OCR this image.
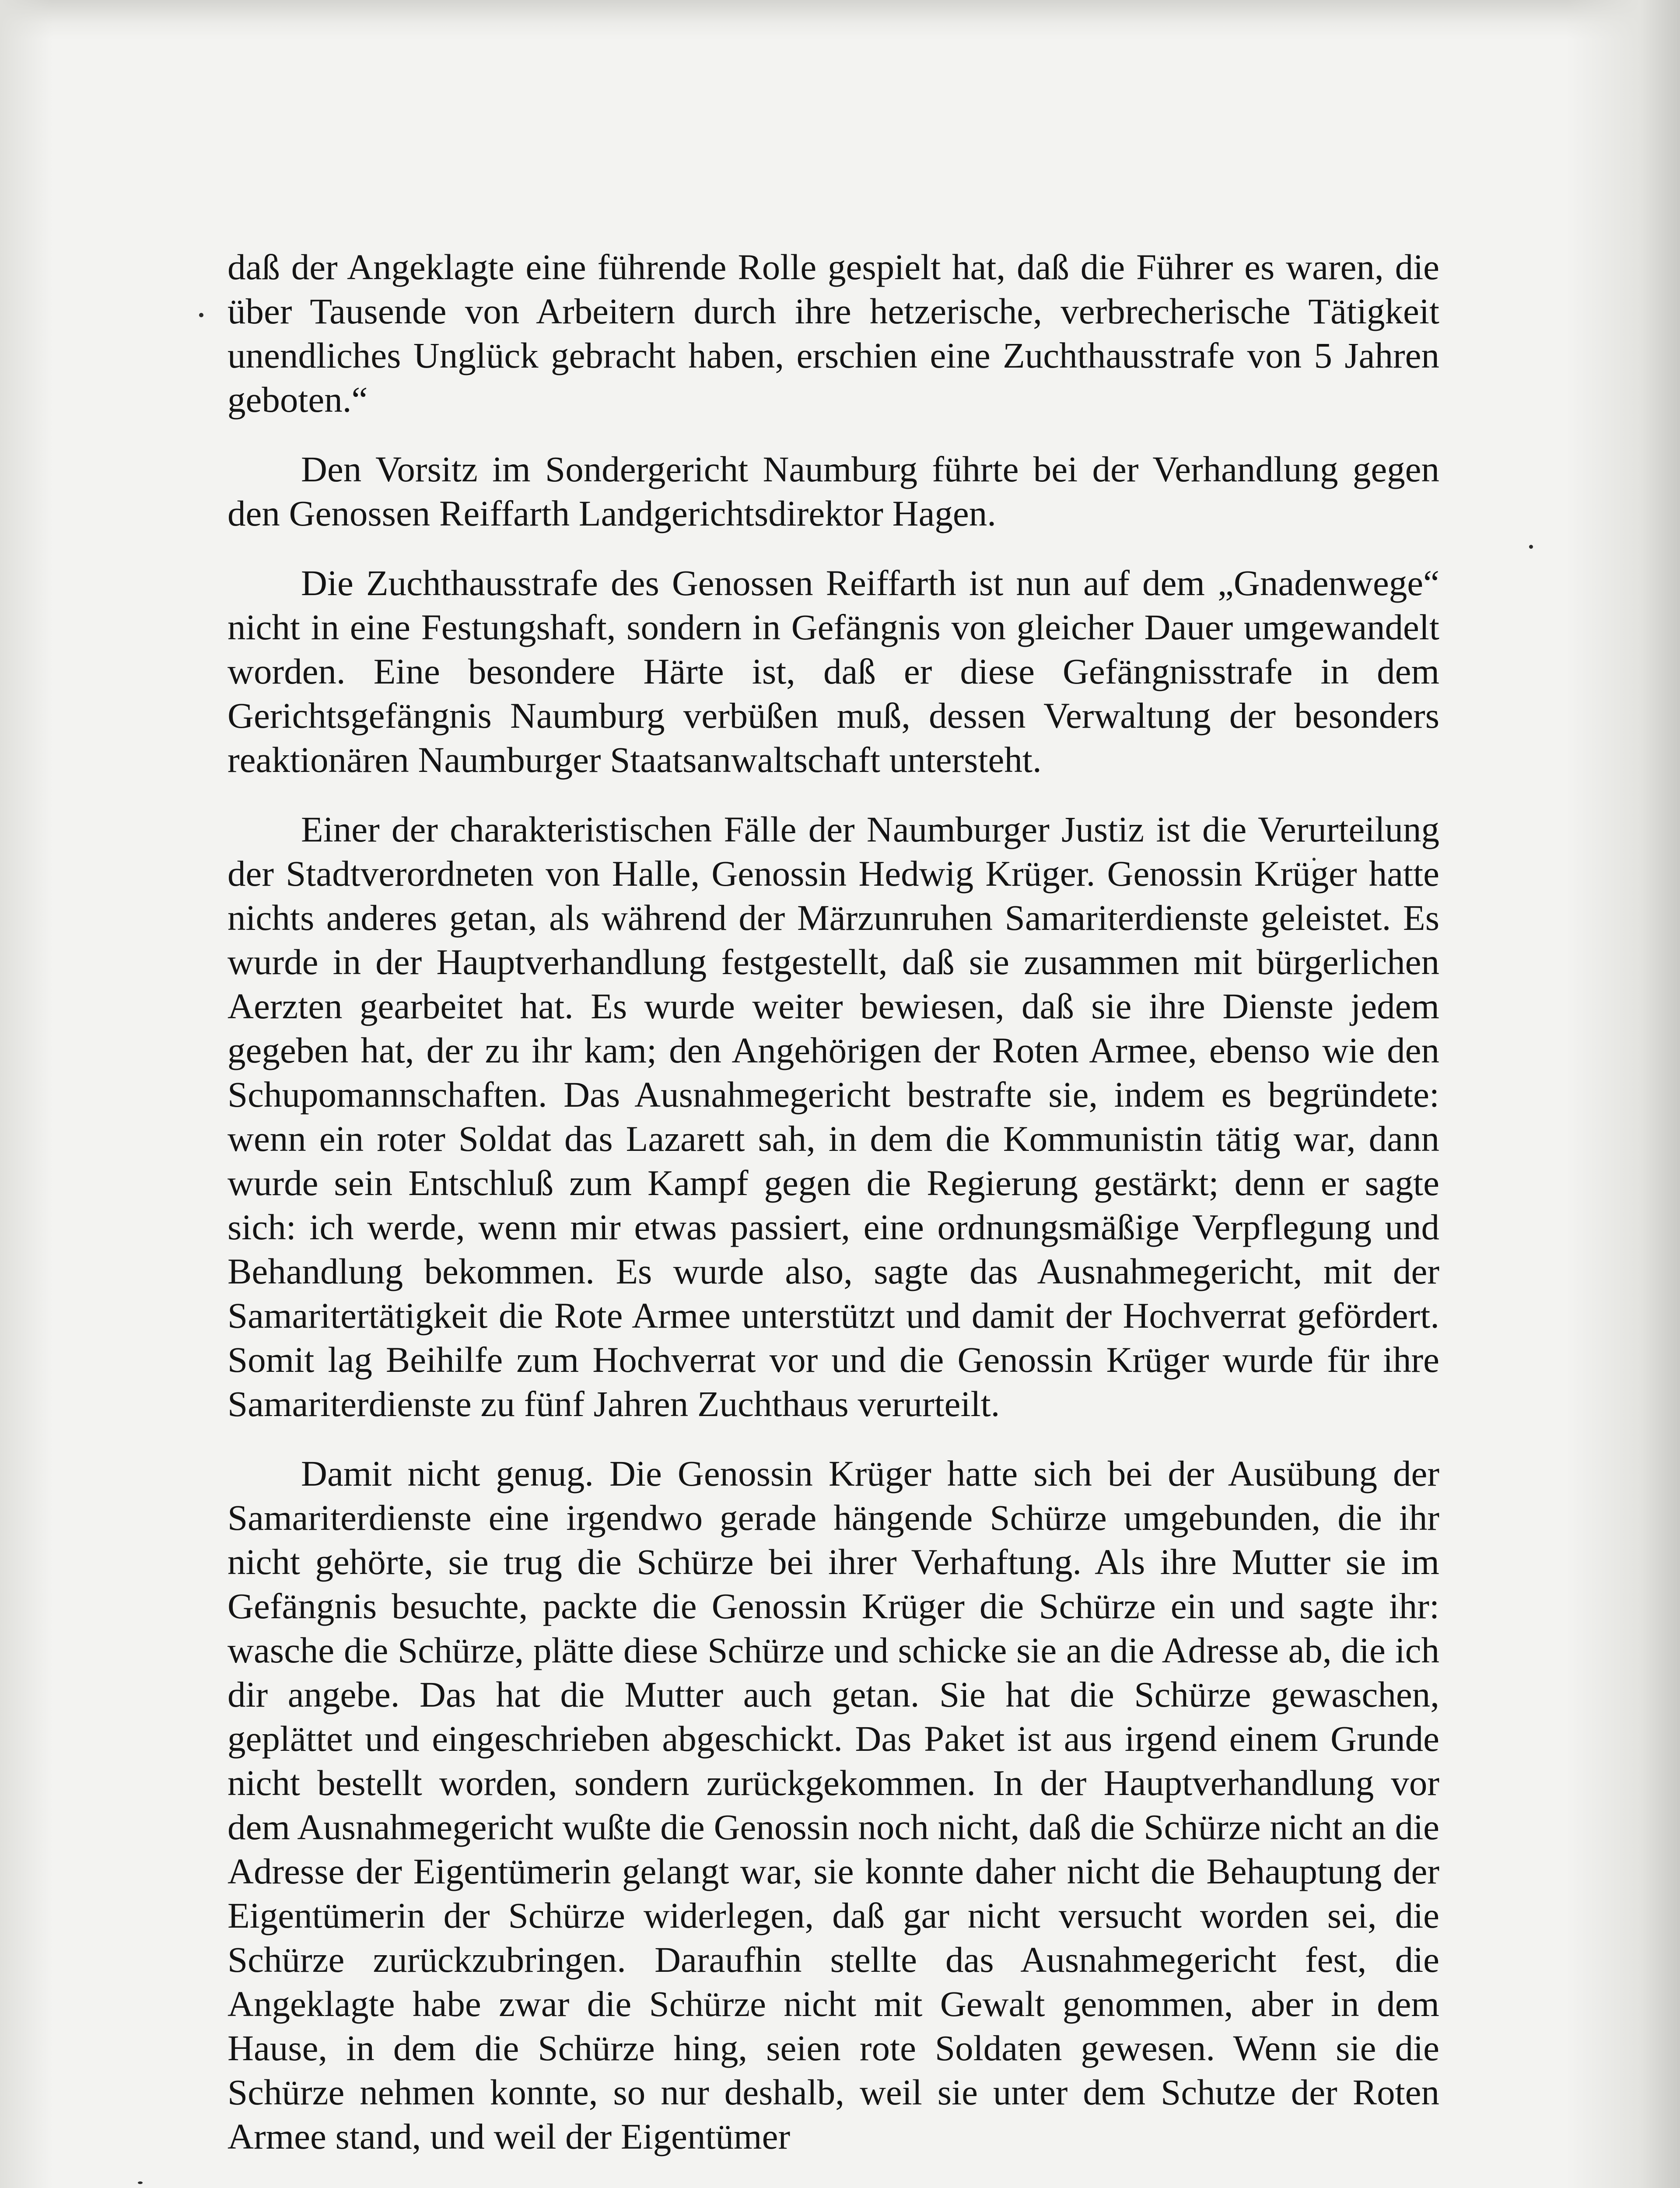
daß der Angeklagte eine führende Rolle gespielt hat, daß die Führer es waren, die über Tausende von Arbeitern durch ihre hetzerische, verbrecherische Tätigkeit unendliches Unglück gebracht haben, erschien eine Zuchthausstrafe von 5 Jahren geboten.“

Den Vorsitz im Sondergericht Naumburg führte bei der Verhandlung gegen den Genossen Reiffarth Landgerichtsdirektor Hagen.

Die Zuchthausstrafe des Genossen Reiffarth ist nun auf dem „Gnadenwege“ nicht in eine Festungshaft, sondern in Gefängnis von gleicher Dauer umgewandelt worden. Eine besondere Härte ist, daß er diese Gefängnisstrafe in dem Gerichtsgefängnis Naumburg verbüßen muß, dessen Verwaltung der besonders reaktionären Naumburger Staatsanwaltschaft untersteht.

Einer der charakteristischen Fälle der Naumburger Justiz ist die Verurteilung der Stadtverordneten von Halle, Genossin Hedwig Krüger. Genossin Krüger hatte nichts anderes getan, als während der Märzunruhen Samariterdienste geleistet. Es wurde in der Hauptverhandlung festgestellt, daß sie zusammen mit bürgerlichen Aerzten gearbeitet hat. Es wurde weiter bewiesen, daß sie ihre Dienste jedem gegeben hat, der zu ihr kam; den Angehörigen der Roten Armee, ebenso wie den Schupomannschaften. Das Ausnahmegericht bestrafte sie, indem es begründete: wenn ein roter Soldat das Lazarett sah, in dem die Kommunistin tätig war, dann wurde sein Entschluß zum Kampf gegen die Regierung gestärkt; denn er sagte sich: ich werde, wenn mir etwas passiert, eine ordnungsmäßige Verpflegung und Behandlung bekommen. Es wurde also, sagte das Ausnahmegericht, mit der Samaritertätigkeit die Rote Armee unterstützt und damit der Hochverrat gefördert. Somit lag Beihilfe zum Hochverrat vor und die Genossin Krüger wurde für ihre Samariterdienste zu fünf Jahren Zuchthaus verurteilt.

Damit nicht genug. Die Genossin Krüger hatte sich bei der Ausübung der Samariterdienste eine irgendwo gerade hängende Schürze umgebunden, die ihr nicht gehörte, sie trug die Schürze bei ihrer Verhaftung. Als ihre Mutter sie im Gefängnis besuchte, packte die Genossin Krüger die Schürze ein und sagte ihr: wasche die Schürze, plätte diese Schürze und schicke sie an die Adresse ab, die ich dir angebe. Das hat die Mutter auch getan. Sie hat die Schürze gewaschen, geplättet und eingeschrieben abgeschickt. Das Paket ist aus irgend einem Grunde nicht bestellt worden, sondern zurückgekommen. In der Hauptverhandlung vor dem Ausnahmegericht wußte die Genossin noch nicht, daß die Schürze nicht an die Adresse der Eigentümerin gelangt war, sie konnte daher nicht die Behauptung der Eigentümerin der Schürze widerlegen, daß gar nicht versucht worden sei, die Schürze zurückzubringen. Daraufhin stellte das Ausnahmegericht fest, die Angeklagte habe zwar die Schürze nicht mit Gewalt genommen, aber in dem Hause, in dem die Schürze hing, seien rote Soldaten gewesen. Wenn sie die Schürze nehmen konnte, so nur deshalb, weil sie unter dem Schutze der Roten Armee stand, und weil der Eigentümer
